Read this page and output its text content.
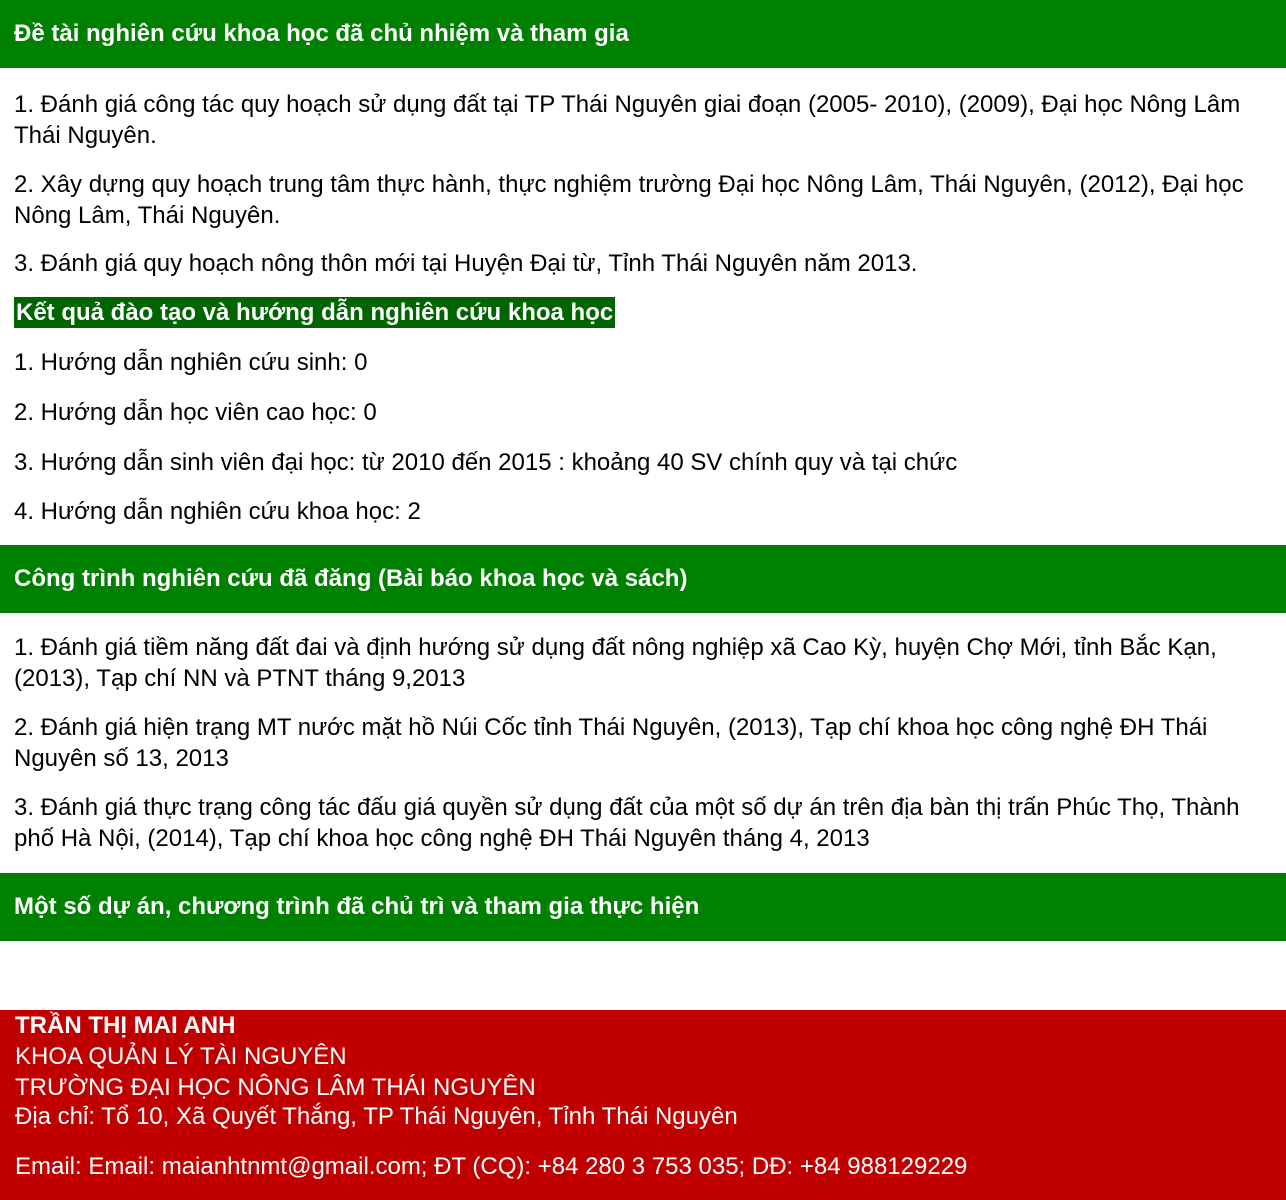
Đề tài nghiên cứu khoa học đã chủ nhiệm và tham gia

1. Đánh giá công tác quy hoạch sử dụng đất tại TP Thái Nguyên giai đoạn (2005- 2010), (2009), Đại học Nông Lâm Thái Nguyên.

2. Xây dựng quy hoạch trung tâm thực hành, thực nghiệm trường Đại học Nông Lâm, Thái Nguyên, (2012), Đại học Nông Lâm, Thái Nguyên.

3. Đánh giá quy hoạch nông thôn mới tại Huyện Đại từ, Tỉnh Thái Nguyên năm 2013.

Kết quả đào tạo và hướng dẫn nghiên cứu khoa học

1. Hướng dẫn nghiên cứu sinh: 0

2. Hướng dẫn học viên cao học: 0

3. Hướng dẫn sinh viên đại học: từ 2010 đến 2015 : khoảng 40 SV chính quy và tại chức

4. Hướng dẫn nghiên cứu khoa học: 2

Công trình nghiên cứu đã đăng (Bài báo khoa học và sách)

1. Đánh giá tiềm năng đất đai và định hướng sử dụng đất nông nghiệp xã Cao Kỳ, huyện Chợ Mới, tỉnh Bắc Kạn, (2013), Tạp chí NN và PTNT tháng 9,2013

2. Đánh giá hiện trạng MT nước mặt hồ Núi Cốc tỉnh Thái Nguyên, (2013), Tạp chí khoa học công nghệ ĐH Thái Nguyên số 13, 2013

3. Đánh giá thực trạng công tác đấu giá quyền sử dụng đất của một số dự án trên địa bàn thị trấn Phúc Thọ, Thành phố Hà Nội, (2014), Tạp chí khoa học công nghệ ĐH Thái Nguyên tháng 4, 2013

Một số dự án, chương trình đã chủ trì và tham gia thực hiện
TRẦN THỊ MAI ANH
KHOA QUẢN LÝ TÀI NGUYÊN
TRƯỜNG ĐẠI HỌC NÔNG LÂM THÁI NGUYÊN
Địa chỉ: Tổ 10, Xã Quyết Thắng, TP Thái Nguyên, Tỉnh Thái Nguyên
Email: Email: maianhtnmt@gmail.com; ĐT (CQ): +84 280 3 753 035; DĐ: +84 988129229
